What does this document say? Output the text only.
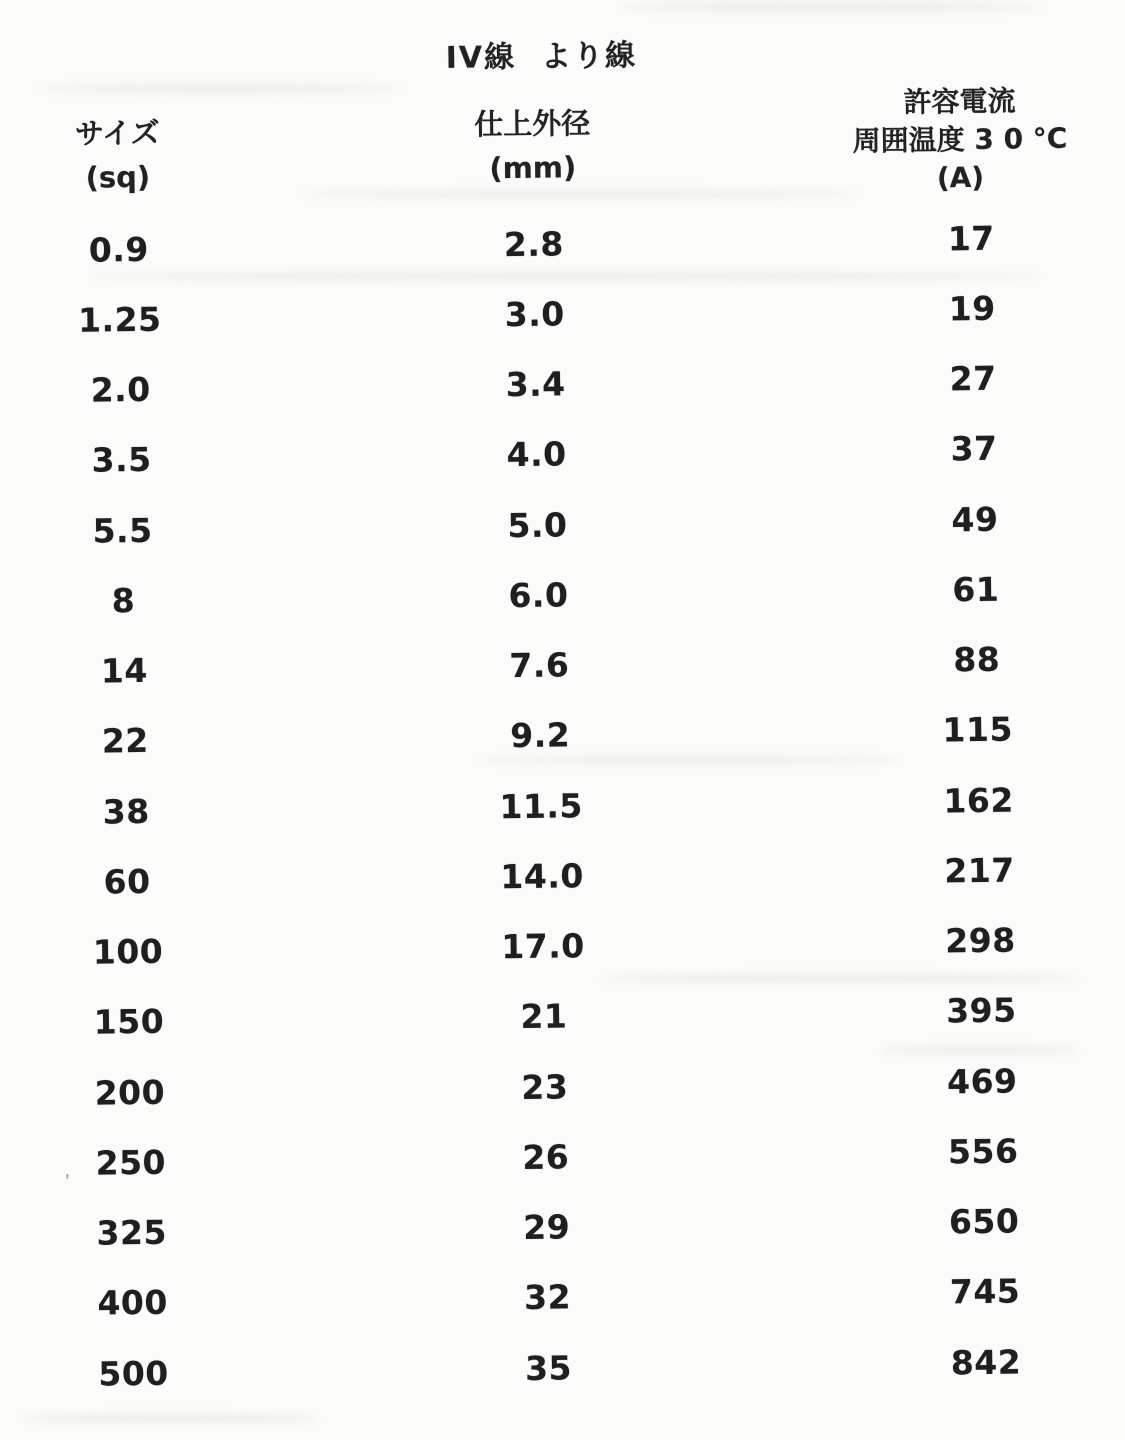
,
IV線  より線
サイズ
(sq)
仕上外径
(mm)
許容電流
周囲温度 3 0 °C
(A)
0.9	2.8	17
1.25	3.0	19
2.0	3.4	27
3.5	4.0	37
5.5	5.0	49
8	6.0	61
14	7.6	88
22	9.2	115
38	11.5	162
60	14.0	217
100	17.0	298
150	21	395
200	23	469
250	26	556
325	29	650
400	32	745
500	35	842
